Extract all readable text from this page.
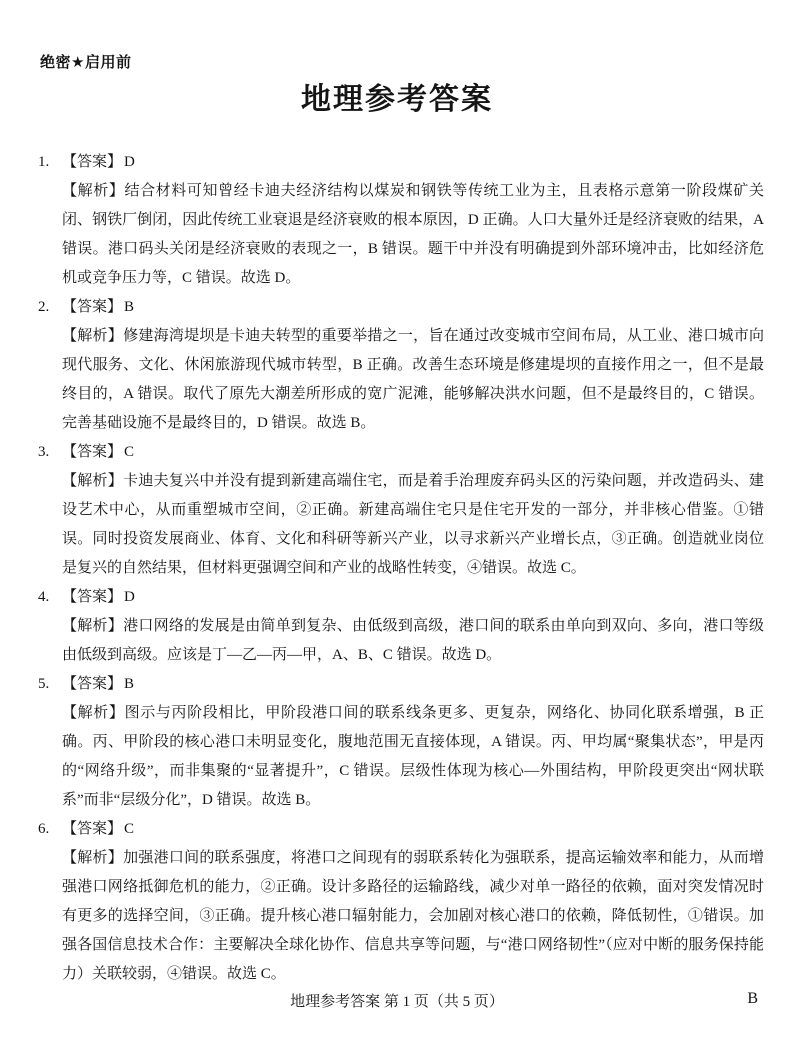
绝密★启用前
地理参考答案
1. 【答案】 D
【解析】结合材料可知曾经卡迪夫经济结构以煤炭和钢铁等传统工业为主，且表格示意第一阶段煤矿关闭、钢铁厂倒闭，因此传统工业衰退是经济衰败的根本原因，D 正确。人口大量外迁是经济衰败的结果，A 错误。港口码头关闭是经济衰败的表现之一，B 错误。题干中并没有明确提到外部环境冲击，比如经济危机或竞争压力等，C 错误。故选 D。
2. 【答案】 B
【解析】修建海湾堤坝是卡迪夫转型的重要举措之一，旨在通过改变城市空间布局，从工业、港口城市向现代服务、文化、休闲旅游现代城市转型，B 正确。改善生态环境是修建堤坝的直接作用之一，但不是最终目的，A 错误。取代了原先大潮差所形成的宽广泥滩，能够解决洪水问题，但不是最终目的，C 错误。完善基础设施不是最终目的，D 错误。故选 B。
3. 【答案】 C
【解析】卡迪夫复兴中并没有提到新建高端住宅，而是着手治理废弃码头区的污染问题，并改造码头、建设艺术中心，从而重塑城市空间，②正确。新建高端住宅只是住宅开发的一部分，并非核心借鉴。①错误。同时投资发展商业、体育、文化和科研等新兴产业，以寻求新兴产业增长点，③正确。创造就业岗位是复兴的自然结果，但材料更强调空间和产业的战略性转变，④错误。故选 C。
4. 【答案】 D
【解析】港口网络的发展是由简单到复杂、由低级到高级，港口间的联系由单向到双向、多向，港口等级由低级到高级。应该是丁—乙—丙—甲，A、B、C 错误。故选 D。
5. 【答案】 B
【解析】图示与丙阶段相比，甲阶段港口间的联系线条更多、更复杂，网络化、协同化联系增强，B 正确。丙、甲阶段的核心港口未明显变化，腹地范围无直接体现，A 错误。丙、甲均属“聚集状态”，甲是丙的“网络升级”，而非集聚的“显著提升”，C 错误。层级性体现为核心—外围结构，甲阶段更突出“网状联系”而非“层级分化”，D 错误。故选 B。
6. 【答案】 C
【解析】加强港口间的联系强度，将港口之间现有的弱联系转化为强联系，提高运输效率和能力，从而增强港口网络抵御危机的能力，②正确。设计多路径的运输路线，减少对单一路径的依赖，面对突发情况时有更多的选择空间，③正确。提升核心港口辐射能力，会加剧对核心港口的依赖，降低韧性，①错误。加强各国信息技术合作：主要解决全球化协作、信息共享等问题，与“港口网络韧性”（应对中断的服务保持能力）关联较弱，④错误。故选 C。
地理参考答案 第 1 页（共 5 页）	B
